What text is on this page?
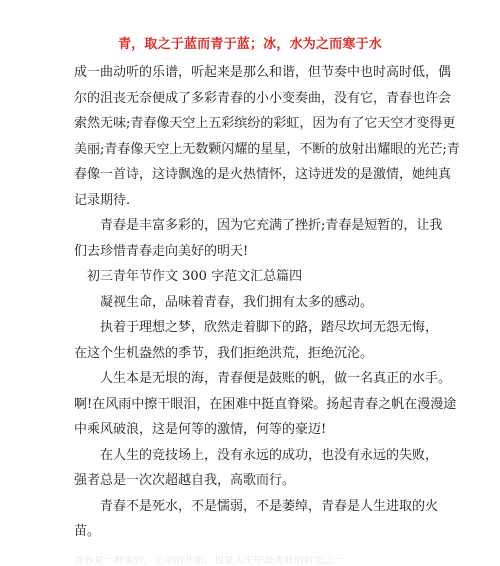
青，取之于蓝而青于蓝；冰，水为之而寒于水
成一曲动听的乐谱，听起来是那么和谐，但节奏中也时高时低，偶
尔的沮丧无奈便成了多彩青春的小小变奏曲，没有它，青春也许会
索然无味;青春像天空上五彩缤纷的彩虹，因为有了它天空才变得更
美丽;青春像天空上无数颗闪耀的星星，不断的放射出耀眼的光芒;青
春像一首诗，这诗飘逸的是火热情怀，这诗迸发的是激情，她纯真
记录期待.
青春是丰富多彩的，因为它充满了挫折;青春是短暂的，让我
们去珍惜青春走向美好的明天!
初三青年节作文 300 字范文汇总篇四
凝视生命，品味着青春，我们拥有太多的感动。
执着于理想之梦，欣然走着脚下的路，踏尽坎坷无怨无悔，
在这个生机盎然的季节，我们拒绝洪荒，拒绝沉沦。
人生本是无垠的海，青春便是鼓账的帆，做一名真正的水手。
啊!在风雨中擦干眼泪，在困难中挺直脊梁。扬起青春之帆在漫漫途
中乘风破浪，这是何等的激情，何等的豪迈!
在人生的竞技场上，没有永远的成功，也没有永远的失败，
强者总是一次次超越自我，高歌而行。
青春不是死水，不是懦弱，不是萎绰，青春是人生进取的火
苗。
青春是一种美好，生命的开始，也是人生中最美好的时光之一
